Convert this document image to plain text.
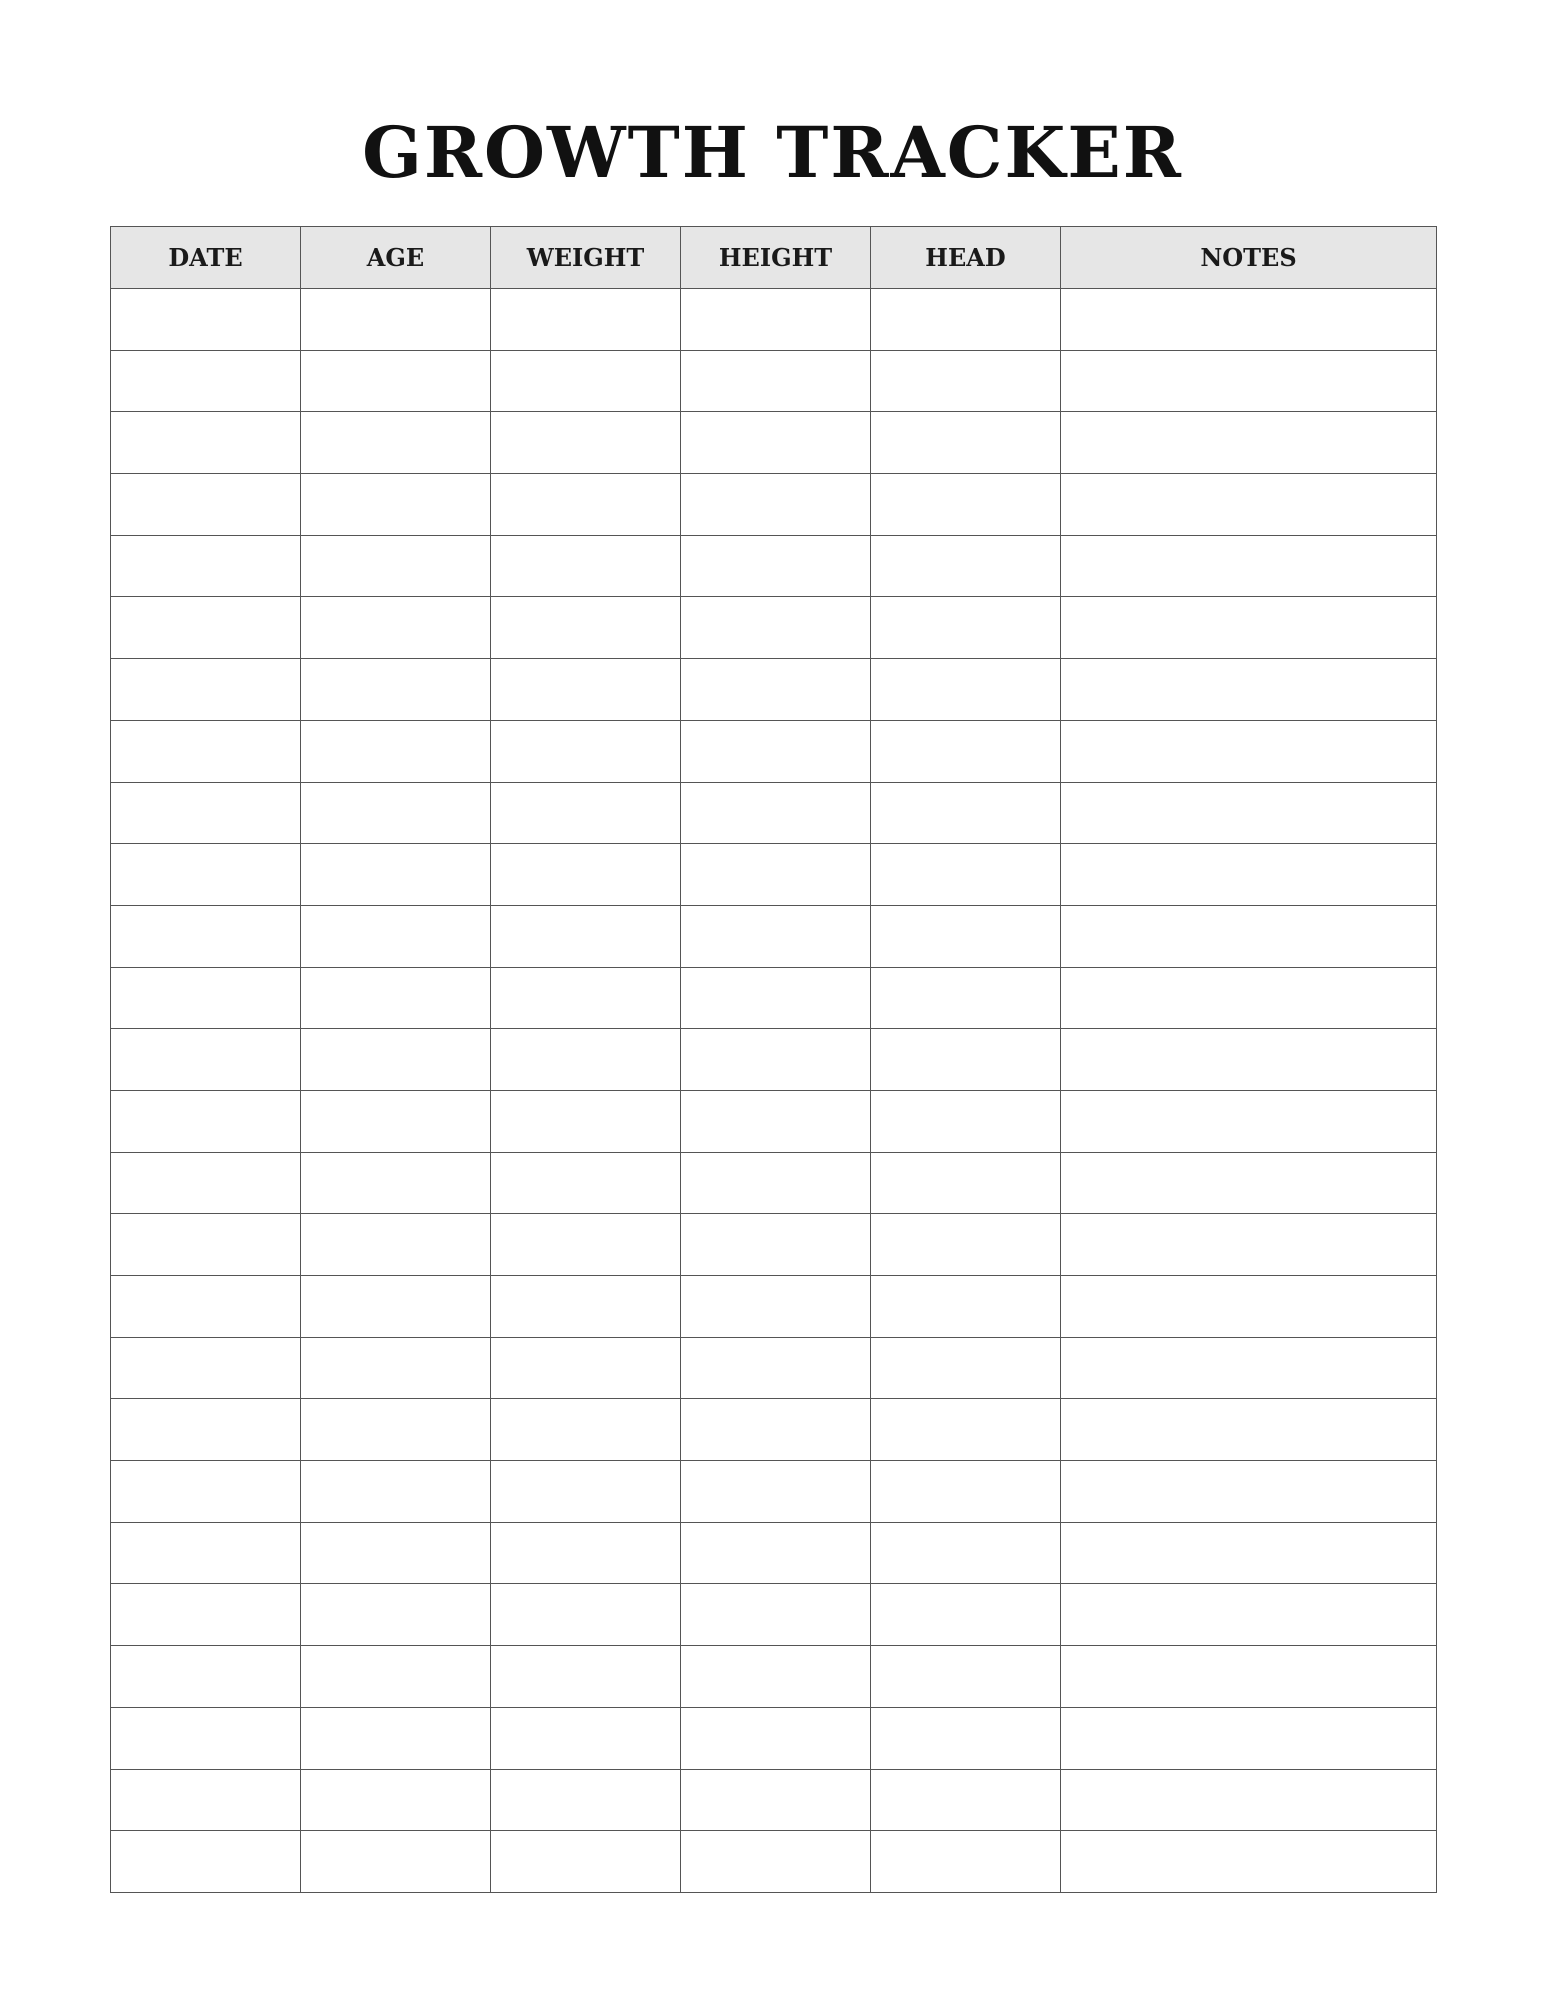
GROWTH TRACKER
DATE	AGE	WEIGHT	HEIGHT	HEAD	NOTES
